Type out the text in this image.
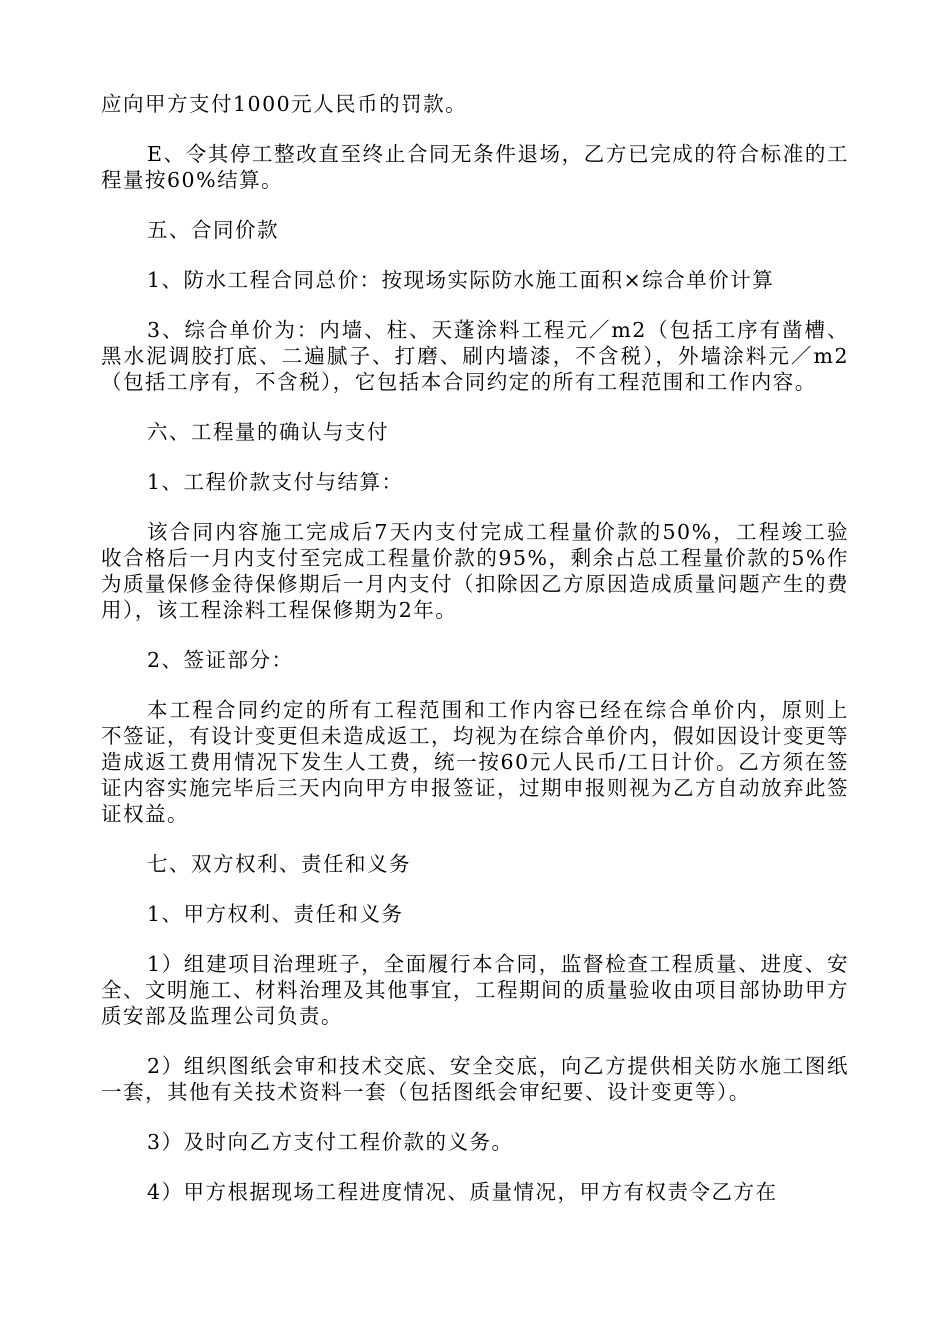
应向甲方支付1000元人民币的罚款。

E、令其停工整改直至终止合同无条件退场，乙方已完成的符合标准的工程量按60%结算。

五、合同价款

1、防水工程合同总价：按现场实际防水施工面积×综合单价计算

3、综合单价为：内墙、柱、天蓬涂料工程元／m2（包括工序有凿槽、黑水泥调胶打底、二遍腻子、打磨、刷内墙漆，不含税），外墙涂料元／m2（包括工序有，不含税），它包括本合同约定的所有工程范围和工作内容。

六、工程量的确认与支付

1、工程价款支付与结算：

该合同内容施工完成后7天内支付完成工程量价款的50%，工程竣工验收合格后一月内支付至完成工程量价款的95%，剩余占总工程量价款的5%作为质量保修金待保修期后一月内支付（扣除因乙方原因造成质量问题产生的费用），该工程涂料工程保修期为2年。

2、签证部分：

本工程合同约定的所有工程范围和工作内容已经在综合单价内，原则上不签证，有设计变更但未造成返工，均视为在综合单价内，假如因设计变更等造成返工费用情况下发生人工费，统一按60元人民币/工日计价。乙方须在签证内容实施完毕后三天内向甲方申报签证，过期申报则视为乙方自动放弃此签证权益。

七、双方权利、责任和义务

1、甲方权利、责任和义务

1）组建项目治理班子，全面履行本合同，监督检查工程质量、进度、安全、文明施工、材料治理及其他事宜，工程期间的质量验收由项目部协助甲方质安部及监理公司负责。

2）组织图纸会审和技术交底、安全交底，向乙方提供相关防水施工图纸一套，其他有关技术资料一套（包括图纸会审纪要、设计变更等）。

3）及时向乙方支付工程价款的义务。

4）甲方根据现场工程进度情况、质量情况，甲方有权责令乙方在
